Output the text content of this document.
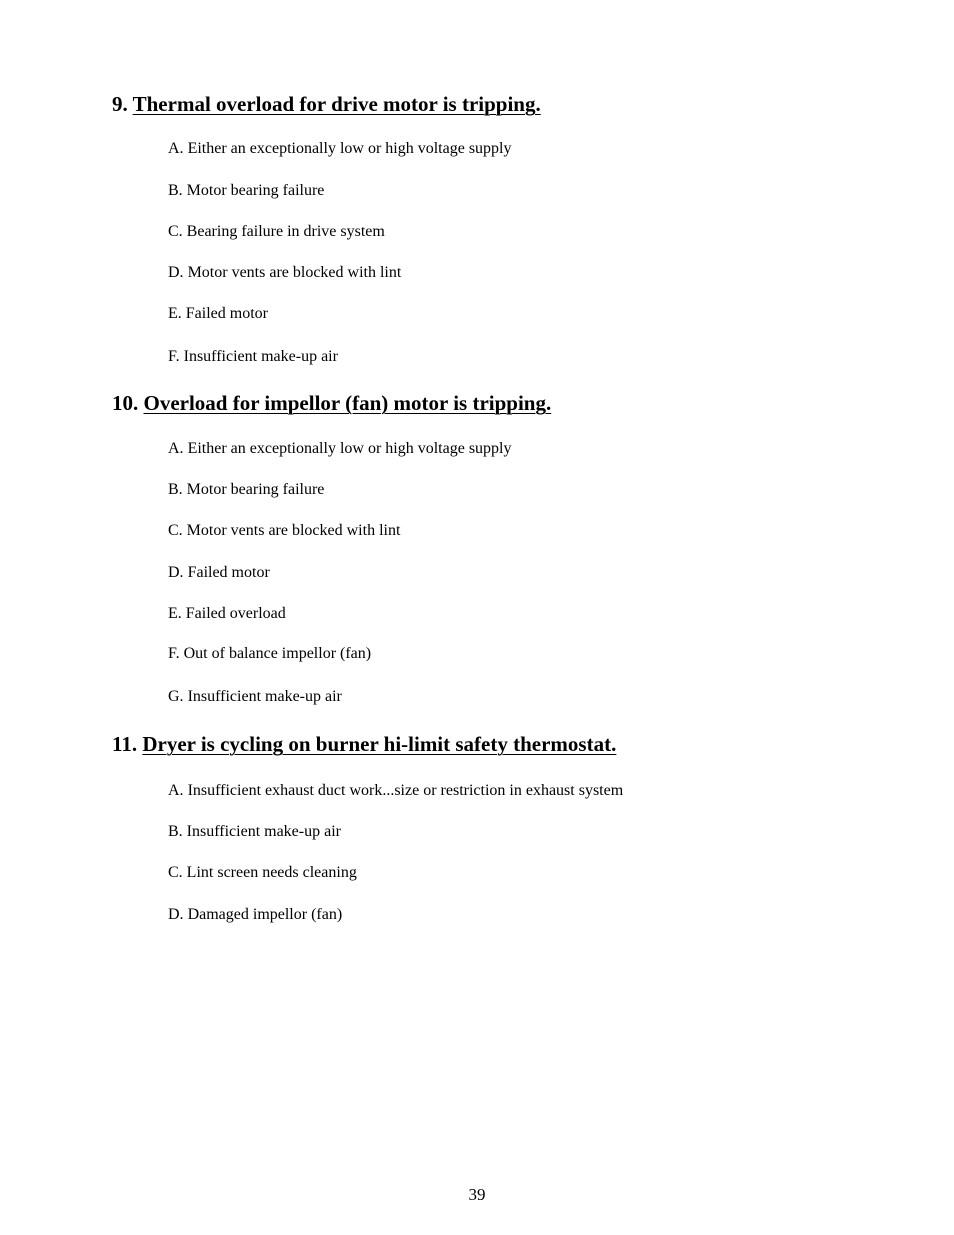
9. Thermal overload for drive motor is tripping.
A. Either an exceptionally low or high voltage supply
B. Motor bearing failure
C. Bearing failure in drive system
D. Motor vents are blocked with lint
E. Failed motor
F. Insufficient make-up air
10. Overload for impellor (fan) motor is tripping.
A. Either an exceptionally low or high voltage supply
B. Motor bearing failure
C. Motor vents are blocked with lint
D. Failed motor
E. Failed overload
F. Out of balance impellor (fan)
G. Insufficient make-up air
11. Dryer is cycling on burner hi-limit safety thermostat.
A. Insufficient exhaust duct work...size or restriction in exhaust system
B. Insufficient make-up air
C. Lint screen needs cleaning
D. Damaged impellor (fan)
39
